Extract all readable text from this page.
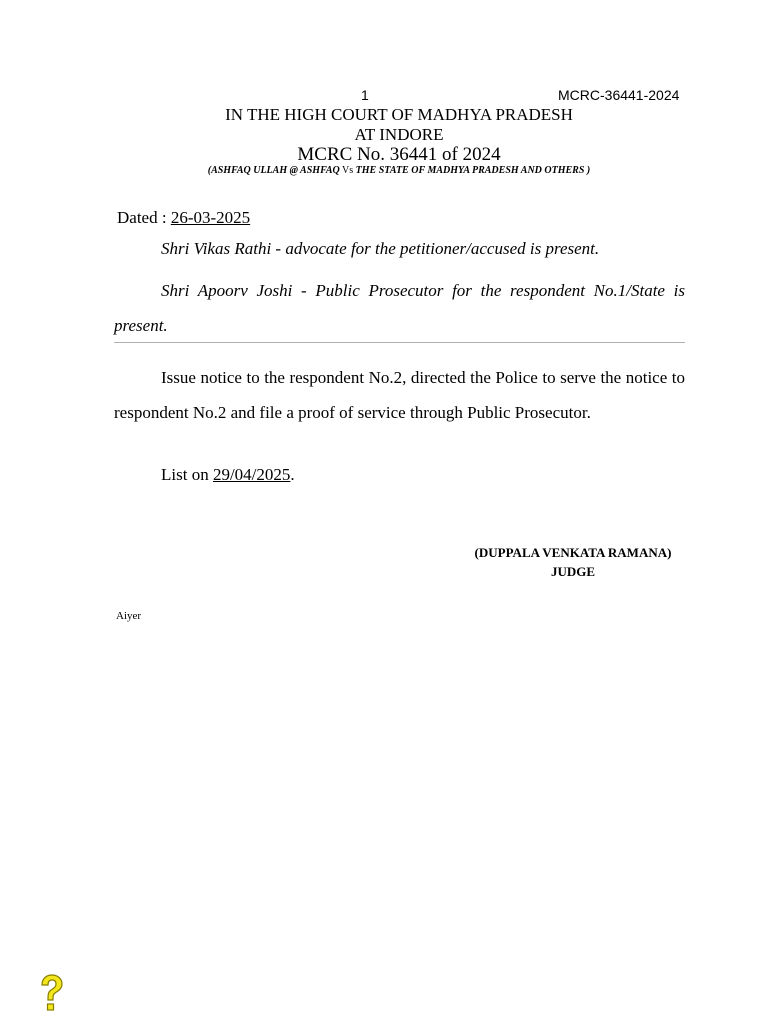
1	MCRC-36441-2024
IN THE HIGH COURT OF MADHYA PRADESH
AT INDORE
MCRC No. 36441 of 2024
(ASHFAQ ULLAH @ ASHFAQ Vs THE STATE OF MADHYA PRADESH AND OTHERS )
Dated : 26-03-2025
Shri Vikas Rathi - advocate for the petitioner/accused is present.
Shri Apoorv Joshi - Public Prosecutor for the respondent No.1/State is present.
Issue notice to the respondent No.2, directed the Police to serve the notice to respondent No.2 and file a proof of service through Public Prosecutor.
List on 29/04/2025.
(DUPPALA VENKATA RAMANA)
JUDGE
Aiyer
